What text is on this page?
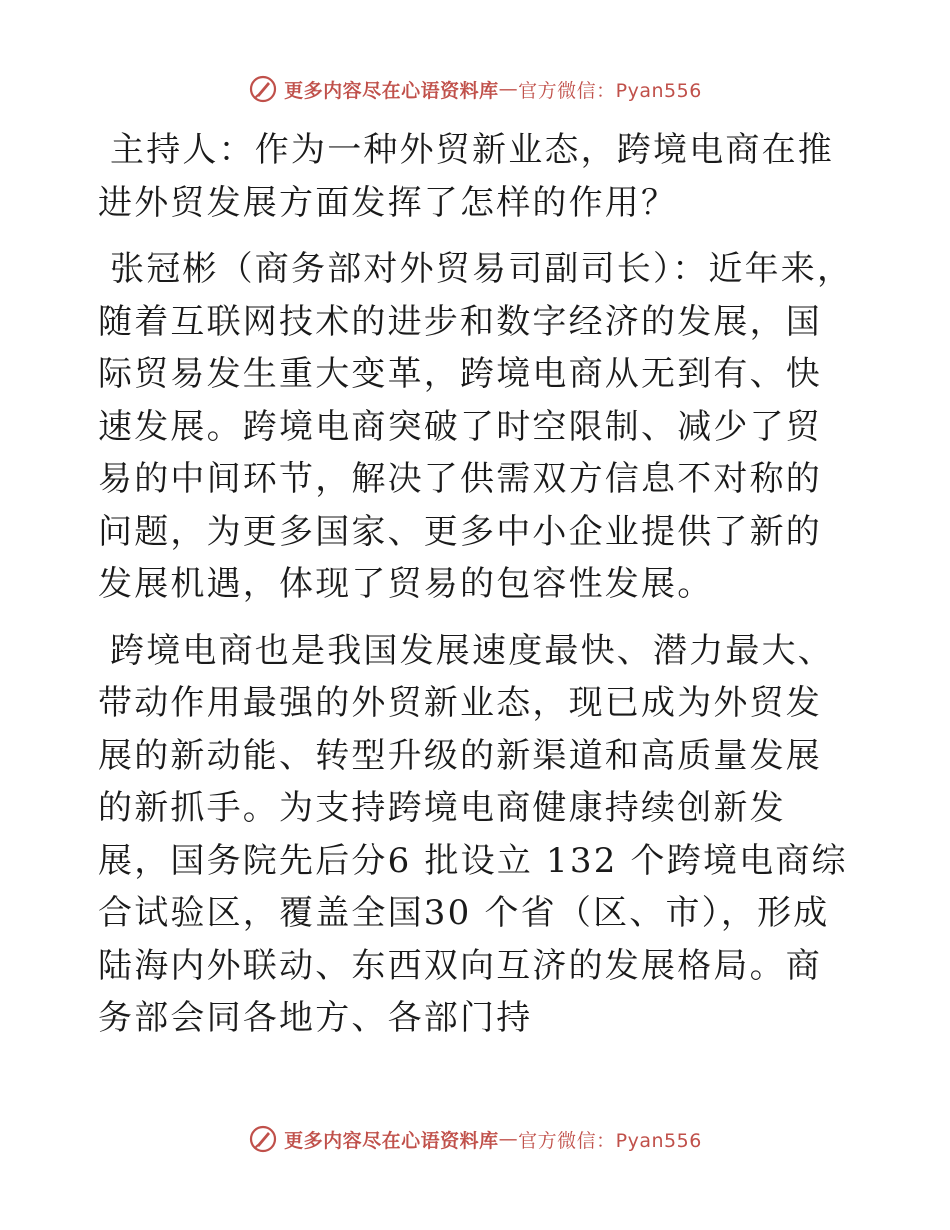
更多内容尽在心语资料库 — 官方微信：Pyan556

主持人：作为一种外贸新业态，跨境电商在推进外贸发展方面发挥了怎样的作用？

张冠彬（商务部对外贸易司副司长）：近年来，随着互联网技术的进步和数字经济的发展，国际贸易发生重大变革，跨境电商从无到有、快速发展。跨境电商突破了时空限制、减少了贸易的中间环节，解决了供需双方信息不对称的问题，为更多国家、更多中小企业提供了新的发展机遇，体现了贸易的包容性发展。

跨境电商也是我国发展速度最快、潜力最大、带动作用最强的外贸新业态，现已成为外贸发展的新动能、转型升级的新渠道和高质量发展的新抓手。为支持跨境电商健康持续创新发展，国务院先后分6 批设立 132 个跨境电商综合试验区，覆盖全国30 个省（区、市），形成陆海内外联动、东西双向互济的发展格局。商务部会同各地方、各部门持

更多内容尽在心语资料库 — 官方微信：Pyan556
